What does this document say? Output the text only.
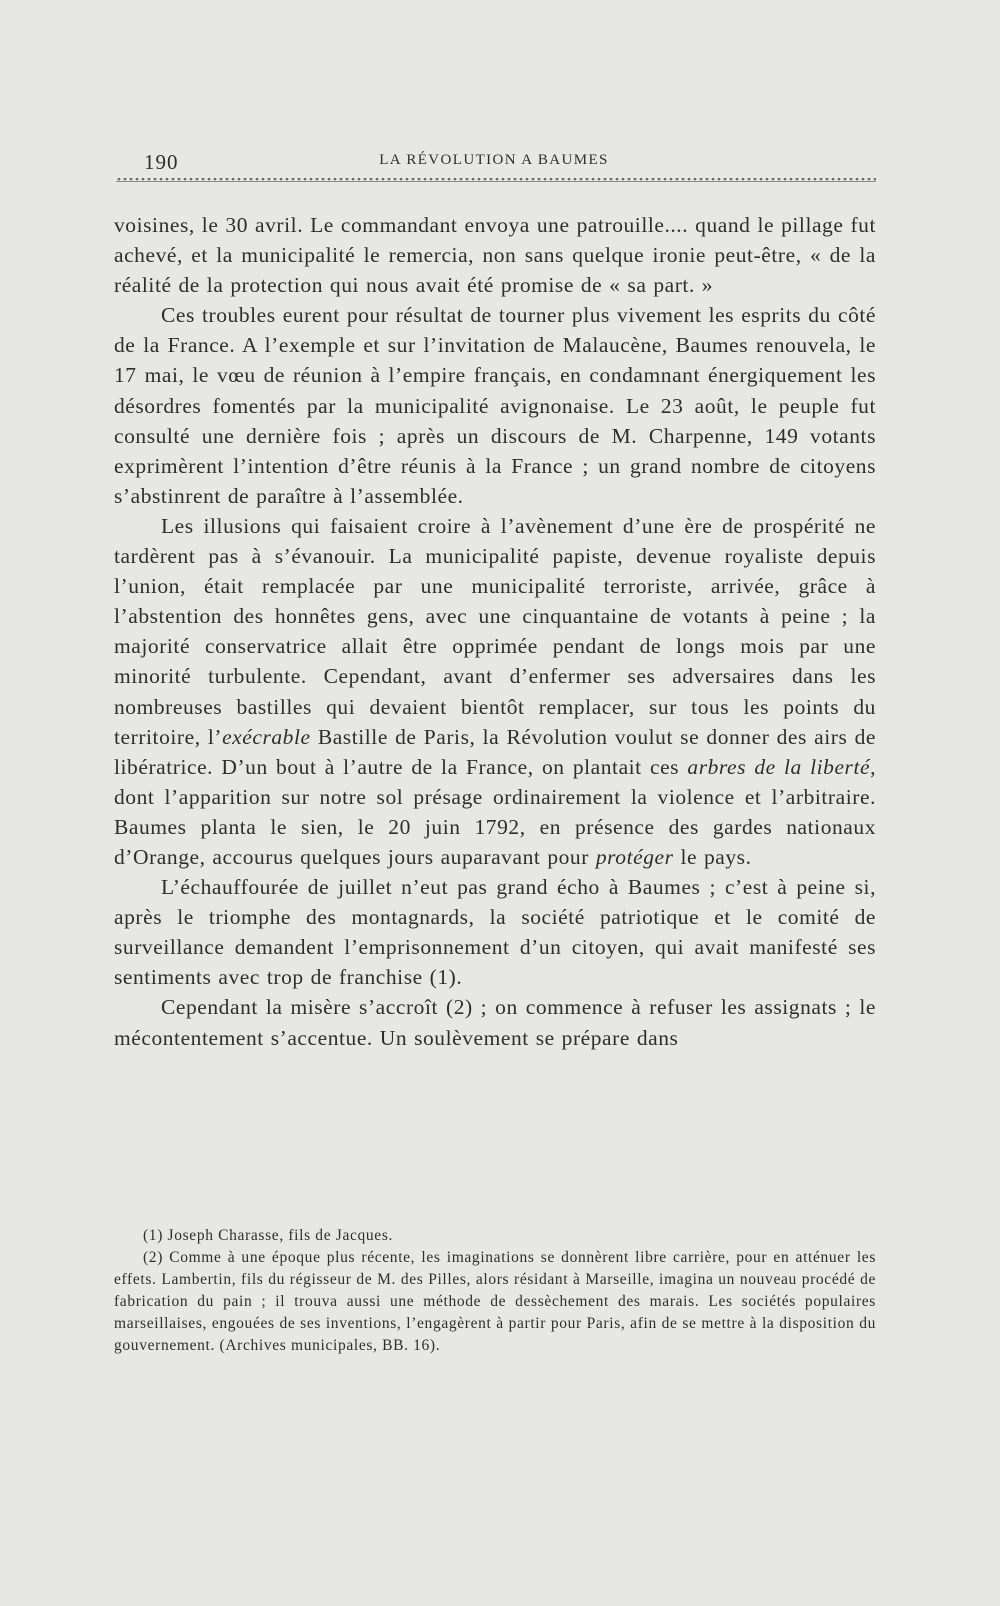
190	LA RÉVOLUTION A BAUMES

voisines, le 30 avril. Le commandant envoya une patrouille.... quand le pillage fut achevé, et la municipalité le remercia, non sans quelque ironie peut-être, « de la réalité de la protection qui nous avait été promise de « sa part. »

Ces troubles eurent pour résultat de tourner plus vivement les esprits du côté de la France. A l’exemple et sur l’invitation de Malaucène, Baumes renouvela, le 17 mai, le vœu de réunion à l’empire français, en condamnant énergiquement les désordres fomentés par la municipalité avignonaise. Le 23 août, le peuple fut consulté une dernière fois ; après un discours de M. Charpenne, 149 votants exprimèrent l’intention d’être réunis à la France ; un grand nombre de citoyens s’abstinrent de paraître à l’assemblée.

Les illusions qui faisaient croire à l’avènement d’une ère de prospérité ne tardèrent pas à s’évanouir. La municipalité papiste, devenue royaliste depuis l’union, était remplacée par une municipalité terroriste, arrivée, grâce à l’abstention des honnêtes gens, avec une cinquantaine de votants à peine ; la majorité conservatrice allait être opprimée pendant de longs mois par une minorité turbulente. Cependant, avant d’enfermer ses adversaires dans les nombreuses bastilles qui devaient bientôt remplacer, sur tous les points du territoire, l’exécrable Bastille de Paris, la Révolution voulut se donner des airs de libératrice. D’un bout à l’autre de la France, on plantait ces arbres de la liberté, dont l’apparition sur notre sol présage ordinairement la violence et l’arbitraire. Baumes planta le sien, le 20 juin 1792, en présence des gardes nationaux d’Orange, accourus quelques jours auparavant pour protéger le pays.

L’échauffourée de juillet n’eut pas grand écho à Baumes ; c’est à peine si, après le triomphe des montagnards, la société patriotique et le comité de surveillance demandent l’emprisonnement d’un citoyen, qui avait manifesté ses sentiments avec trop de franchise (1).

Cependant la misère s’accroît (2) ; on commence à refuser les assignats ; le mécontentement s’accentue. Un soulèvement se prépare dans

(1) Joseph Charasse, fils de Jacques.

(2) Comme à une époque plus récente, les imaginations se donnèrent libre carrière, pour en atténuer les effets. Lambertin, fils du régisseur de M. des Pilles, alors résidant à Marseille, imagina un nouveau procédé de fabrication du pain ; il trouva aussi une méthode de dessèchement des marais. Les sociétés populaires marseillaises, engouées de ses inventions, l’engagèrent à partir pour Paris, afin de se mettre à la disposition du gouvernement. (Archives municipales, BB. 16).
